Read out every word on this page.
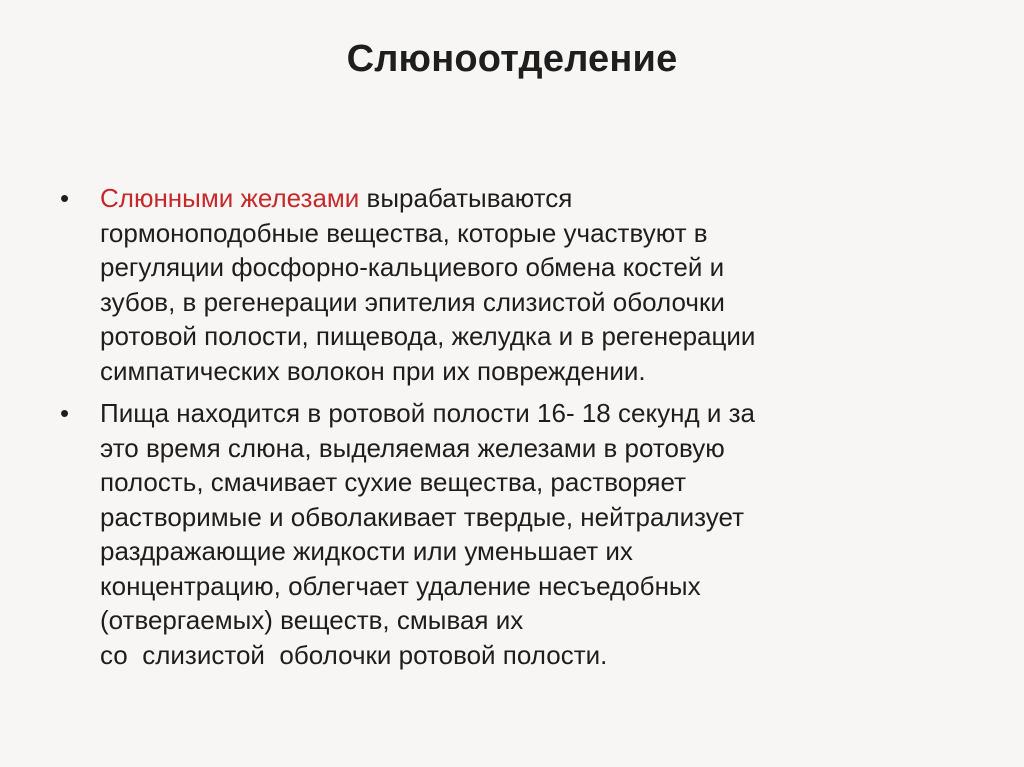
Слюноотделение
•	Слюнными железами вырабатываются
гормоноподобные вещества, которые участвуют в
регуляции фосфорно-кальциевого обмена костей и
зубов, в регенерации эпителия слизистой оболочки
ротовой полости, пищевода, желудка и в регенерации
симпатических волокон при их повреждении.
•	Пища находится в ротовой полости 16- 18 секунд и за
это время слюна, выделяемая железами в ротовую
полость, смачивает сухие вещества, растворяет
растворимые и обволакивает твердые, нейтрализует
раздражающие жидкости или уменьшает их
концентрацию, облегчает удаление несъедобных
(отвергаемых) веществ, смывая их
со  слизистой  оболочки ротовой полости.
